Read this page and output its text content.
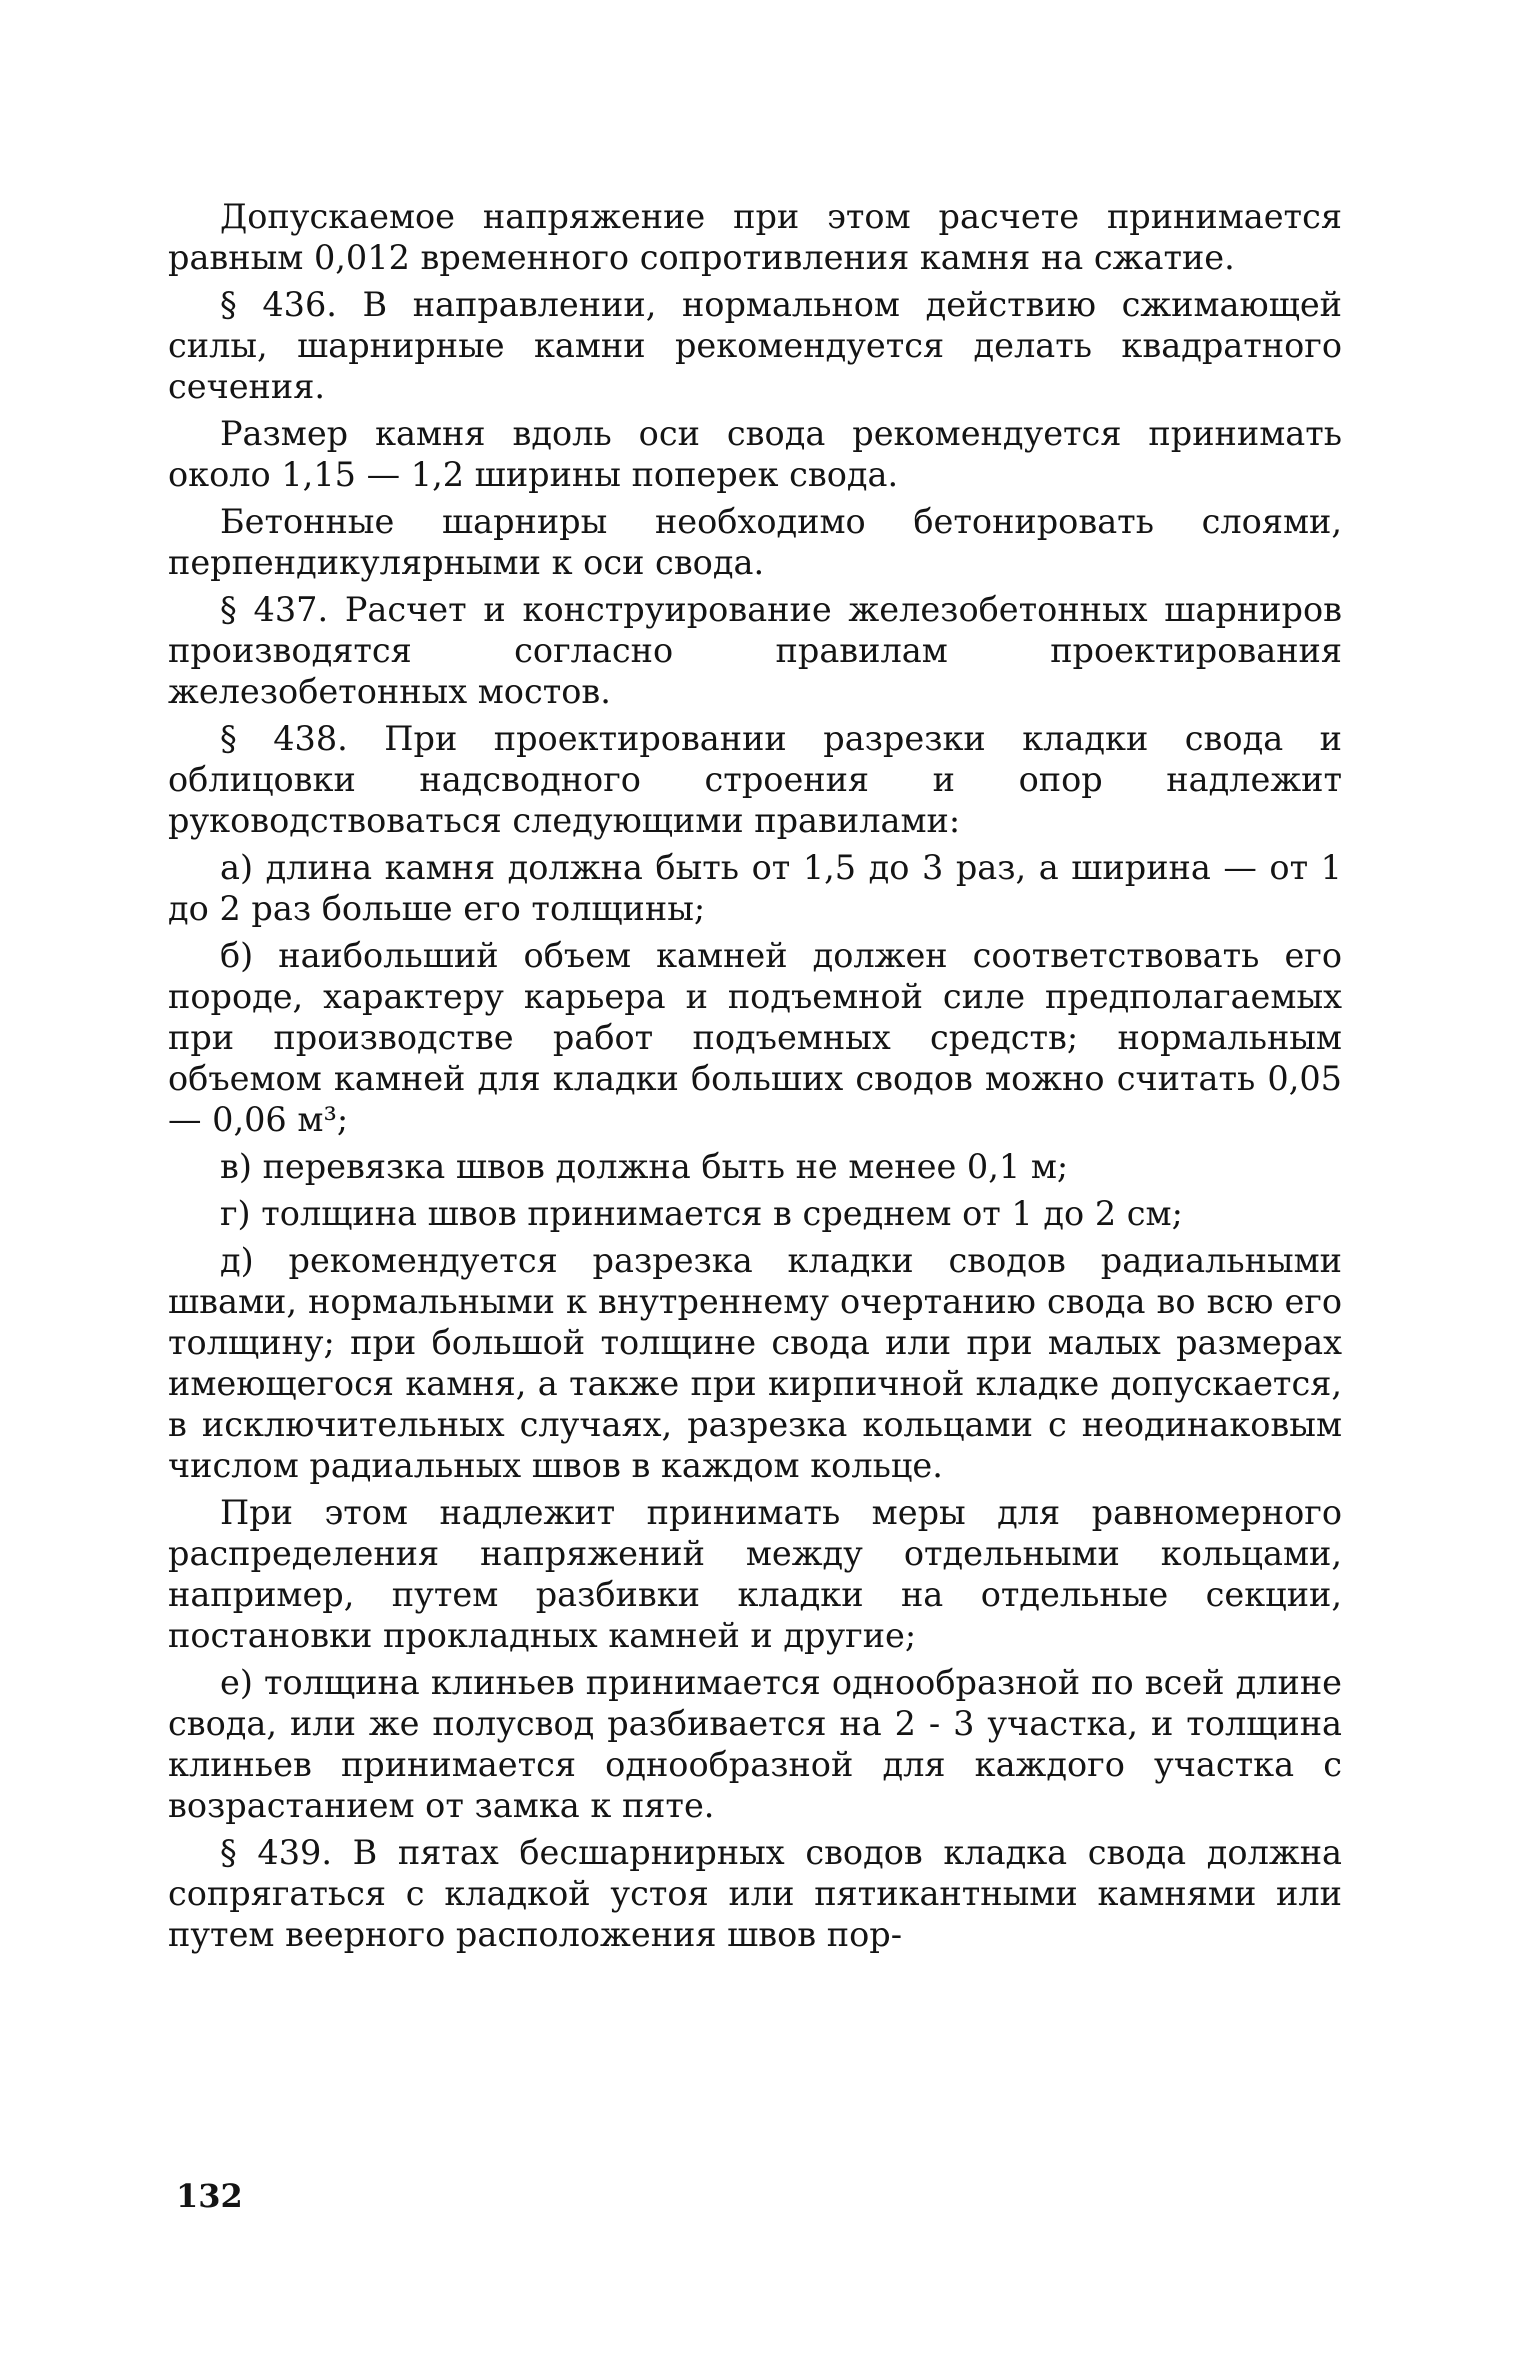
Допускаемое напряжение при этом расчете принимается равным 0,012 временного сопротивления камня на сжатие.

§ 436. В направлении, нормальном действию сжимающей силы, шарнирные камни рекомендуется делать квадратного сечения.

Размер камня вдоль оси свода рекомендуется принимать около 1,15 — 1,2 ширины поперек свода.

Бетонные шарниры необходимо бетонировать слоями, перпендикулярными к оси свода.

§ 437. Расчет и конструирование железобетонных шарниров производятся согласно правилам проектирования железобетонных мостов.

§ 438. При проектировании разрезки кладки свода и облицовки надсводного строения и опор надлежит руководствоваться следующими правилами:

а) длина камня должна быть от 1,5 до 3 раз, а ширина — от 1 до 2 раз больше его толщины;

б) наибольший объем камней должен соответствовать его породе, характеру карьера и подъемной силе предполагаемых при производстве работ подъемных средств; нормальным объемом камней для кладки больших сводов можно считать 0,05 — 0,06 м³;

в) перевязка швов должна быть не менее 0,1 м;

г) толщина швов принимается в среднем от 1 до 2 см;

д) рекомендуется разрезка кладки сводов радиальными швами, нормальными к внутреннему очертанию свода во всю его толщину; при большой толщине свода или при малых размерах имеющегося камня, а также при кирпичной кладке допускается, в исключительных случаях, разрезка кольцами с неодинаковым числом радиальных швов в каждом кольце.

При этом надлежит принимать меры для равномерного распределения напряжений между отдельными кольцами, например, путем разбивки кладки на отдельные секции, постановки прокладных камней и другие;

е) толщина клиньев принимается однообразной по всей длине свода, или же полусвод разбивается на 2 - 3 участка, и толщина клиньев принимается однообразной для каждого участка с возрастанием от замка к пяте.

§ 439. В пятах бесшарнирных сводов кладка свода должна сопрягаться с кладкой устоя или пятикантными камнями или путем веерного расположения швов пор-

132
